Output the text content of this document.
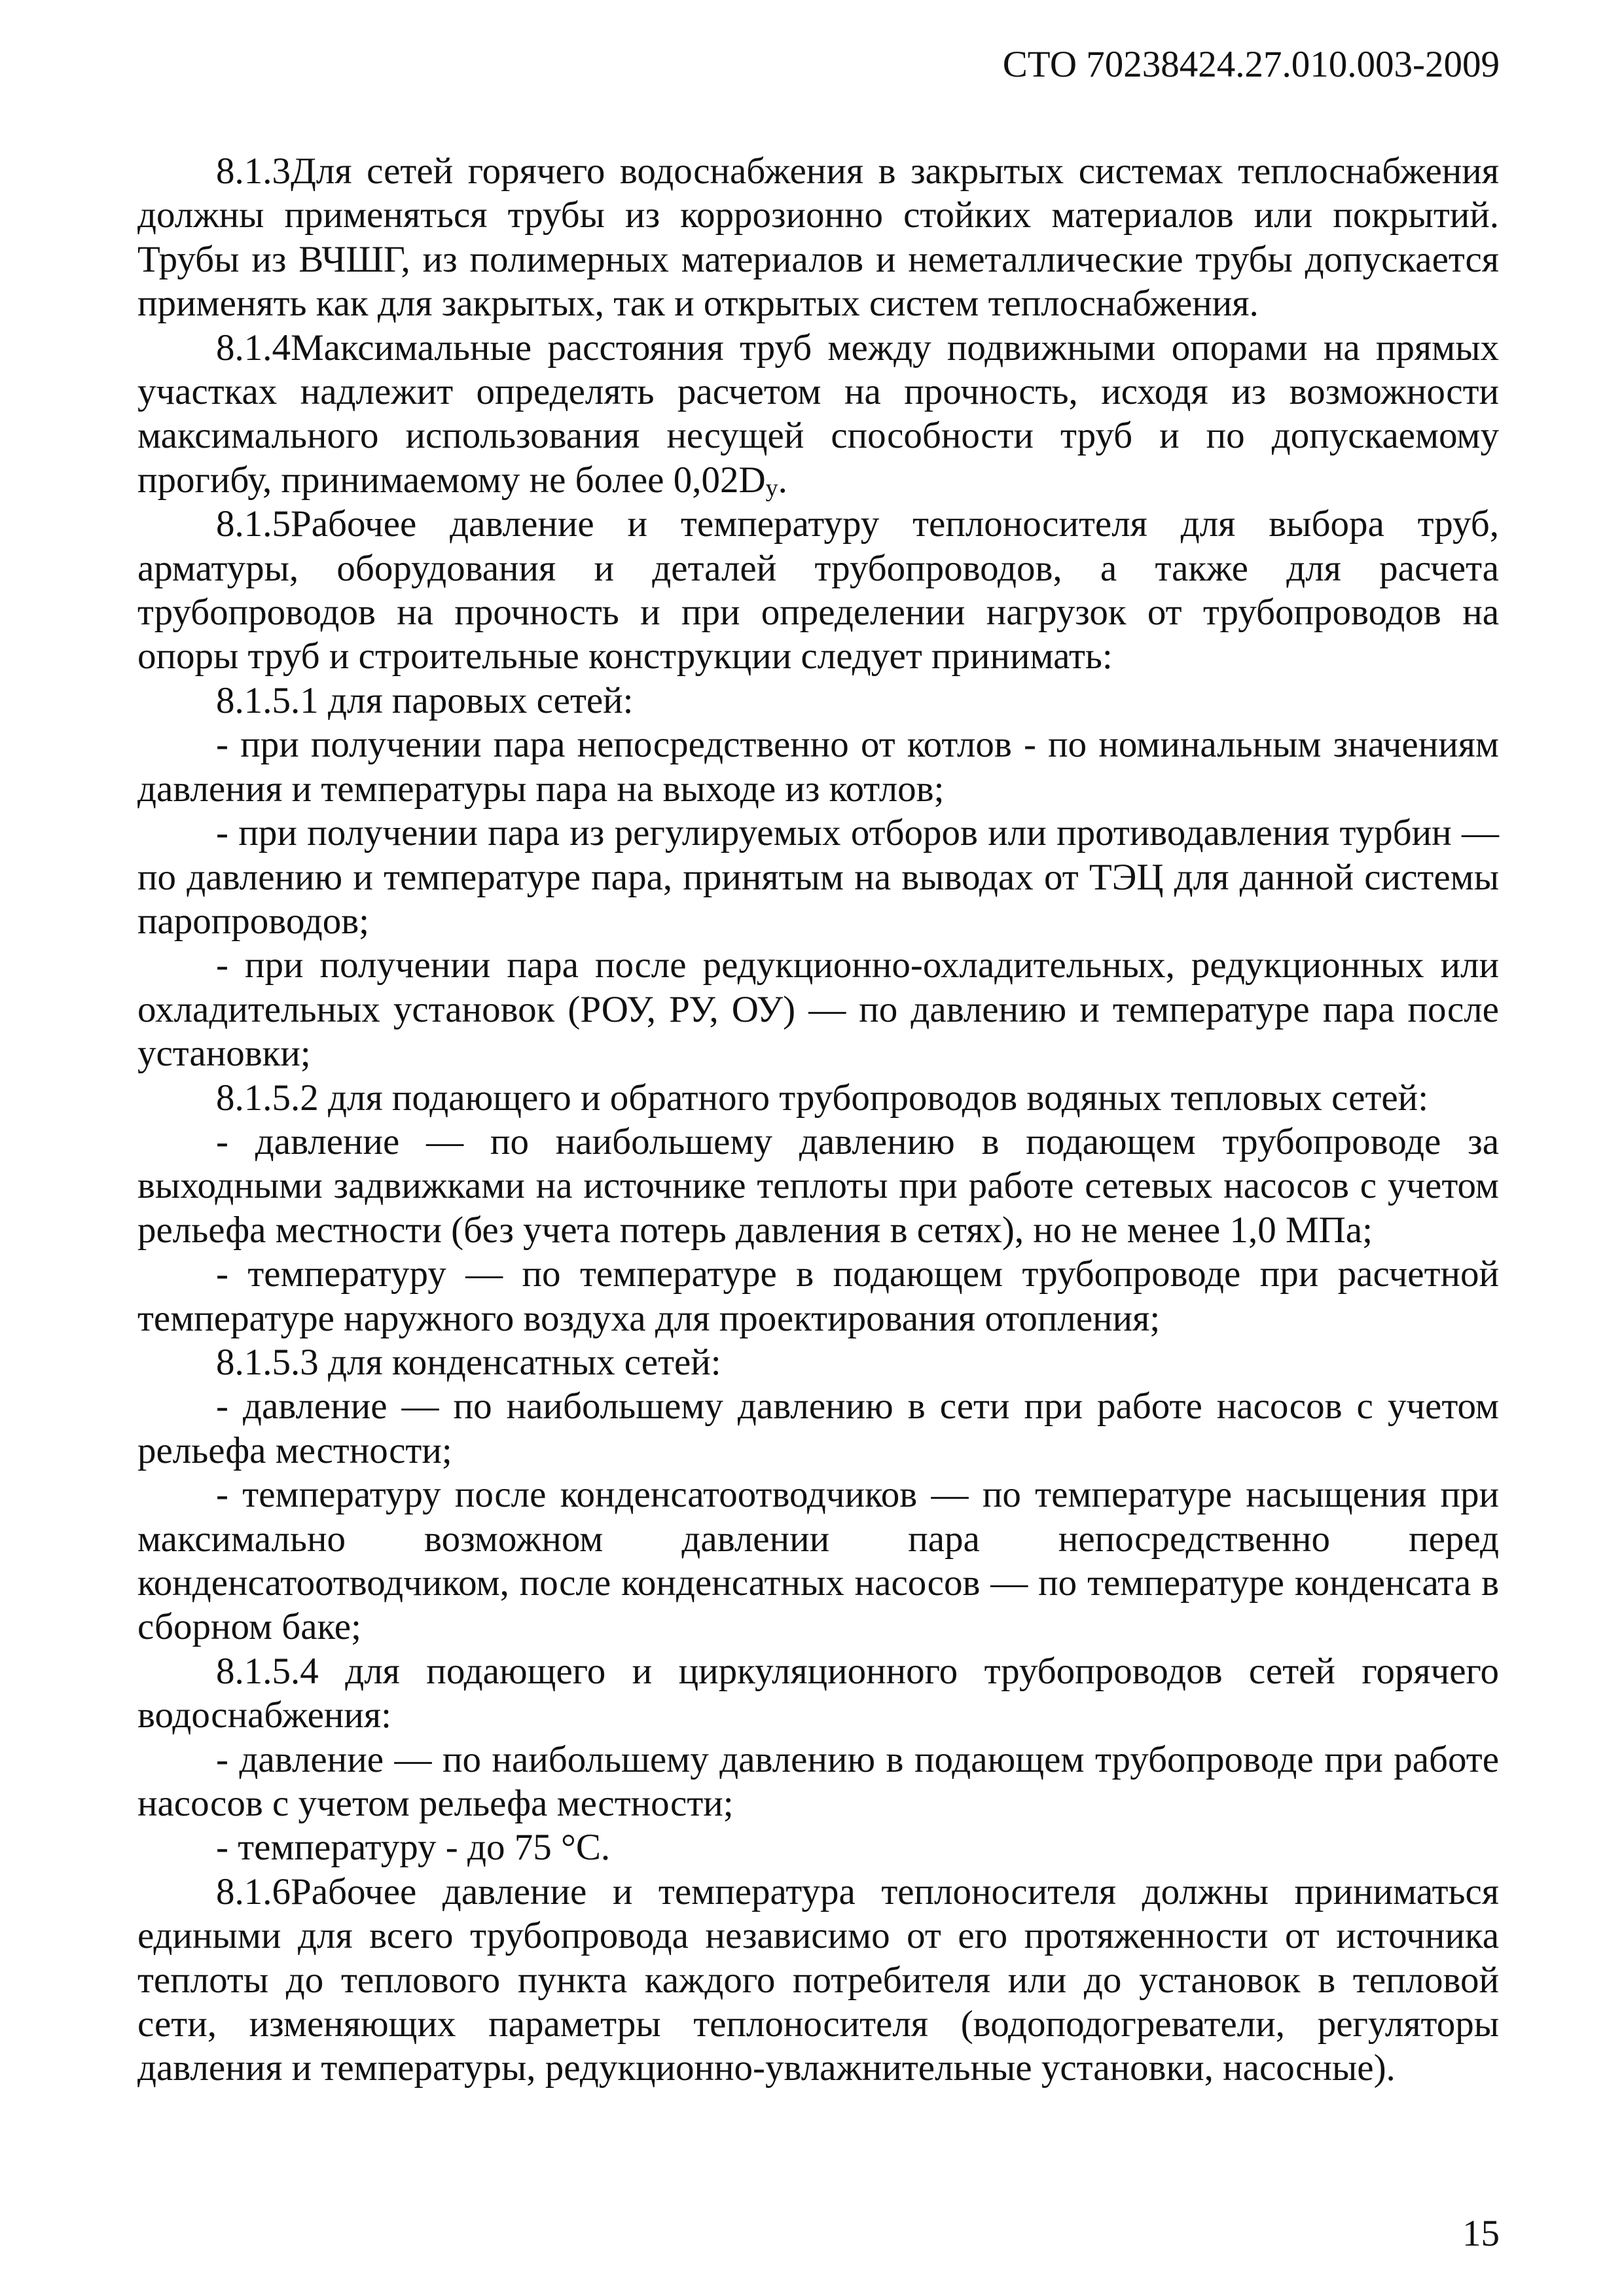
СТО 70238424.27.010.003-2009

8.1.3Для сетей горячего водоснабжения в закрытых системах теплоснабжения должны применяться трубы из коррозионно стойких материалов или покрытий. Трубы из ВЧШГ, из полимерных материалов и неметаллические трубы допускается применять как для закрытых, так и открытых систем теплоснабжения.

8.1.4Максимальные расстояния труб между подвижными опорами на прямых участках надлежит определять расчетом на прочность, исходя из возможности максимального использования несущей способности труб и по допускаемому прогибу, принимаемому не более 0,02Dу.

8.1.5Рабочее давление и температуру теплоносителя для выбора труб, арматуры, оборудования и деталей трубопроводов, а также для расчета трубопроводов на прочность и при определении нагрузок от трубопроводов на опоры труб и строительные конструкции следует принимать:

8.1.5.1 для паровых сетей:

- при получении пара непосредственно от котлов - по номинальным значениям давления и температуры пара на выходе из котлов;

- при получении пара из регулируемых отборов или противодавления турбин — по давлению и температуре пара, принятым на выводах от ТЭЦ для данной системы паропроводов;

- при получении пара после редукционно-охладительных, редукционных или охладительных установок (РОУ, РУ, ОУ) — по давлению и температуре пара после установки;

8.1.5.2 для подающего и обратного трубопроводов водяных тепловых сетей:

- давление — по наибольшему давлению в подающем трубопроводе за выходными задвижками на источнике теплоты при работе сетевых насосов с учетом рельефа местности (без учета потерь давления в сетях), но не менее 1,0 МПа;

- температуру — по температуре в подающем трубопроводе при расчетной температуре наружного воздуха для проектирования отопления;

8.1.5.3 для конденсатных сетей:

- давление — по наибольшему давлению в сети при работе насосов с учетом рельефа местности;

- температуру после конденсатоотводчиков — по температуре насыщения при максимально возможном давлении пара непосредственно перед конденсатоотводчиком, после конденсатных насосов — по температуре конденсата в сборном баке;

8.1.5.4 для подающего и циркуляционного трубопроводов сетей горячего водоснабжения:

- давление — по наибольшему давлению в подающем трубопроводе при работе насосов с учетом рельефа местности;

- температуру - до 75 °С.

8.1.6Рабочее давление и температура теплоносителя должны приниматься едиными для всего трубопровода независимо от его протяженности от источника теплоты до теплового пункта каждого потребителя или до установок в тепловой сети, изменяющих параметры теплоносителя (водоподогреватели, регуляторы давления и температуры, редукционно-увлажнительные установки, насосные).

15
